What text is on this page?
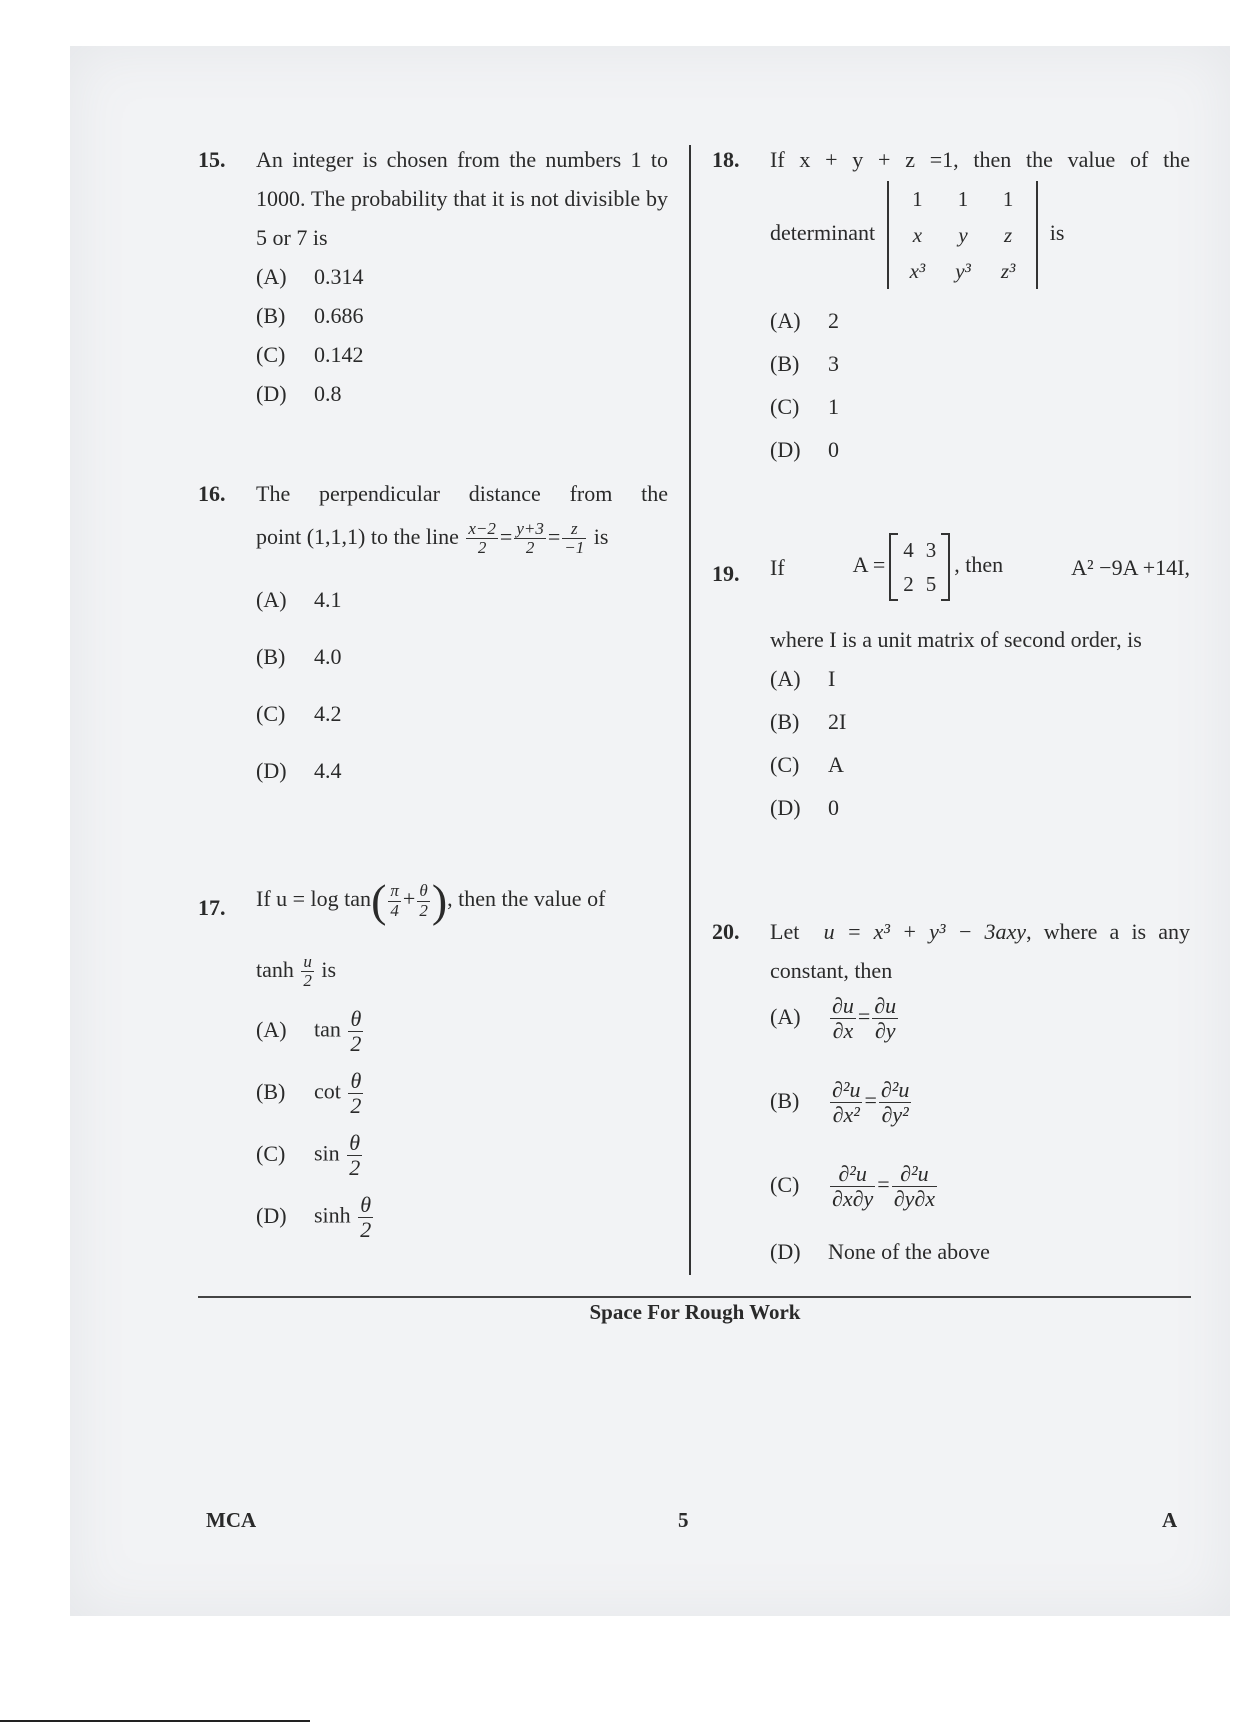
15. An integer is chosen from the numbers 1 to 1000. The probability that it is not divisible by 5 or 7 is
(A) 0.314
(B) 0.686
(C) 0.142
(D) 0.8
16. The perpendicular distance from the
point (1,1,1) to the line $\frac{x-2}{2} = \frac{y+3}{2} = \frac{z}{-1}$ is
(A) 4.1
(B) 4.0
(C) 4.2
(D) 4.4
17. If $u = \log \tan( \frac{\pi}{4} + \frac{\theta}{2}$ ), then the value of
$\tanh \frac{u}{2}$ is
(A) $\tan \frac{\theta}{2}$
(B) $\cot \frac{\theta}{2}$
(C) $\sin \frac{\theta}{2}$
(D) $\sinh \frac{\theta}{2}$
18. If x + y + z =1, then the value of the
determinant
1	1	1
x	y	z
x³	y³	z³
is
(A) 2
(B) 3
(C) 1
(D) 0
19. If	A =
4	3
2	5
, then	A² −9A +14I,
where I is a unit matrix of second order, is
(A) I
(B) 2I
(C) A
(D) 0
20. Let u = x³ + y³ − 3axy, where a is any constant, then
$(A) \frac{\partial u}{\partial x} = \frac{\partial u}{\partial y}$
$(B) \frac{\text{∂²u}}{\text{∂x²}} = \frac{\text{∂²u}}{\text{∂y²}}$
$(C) \frac{\text{∂²u}}{\partial x\partial y} = \frac{\text{∂²u}}{\partial y\partial x}$
(D) None of the above
Space For Rough Work
MCA	5	A
